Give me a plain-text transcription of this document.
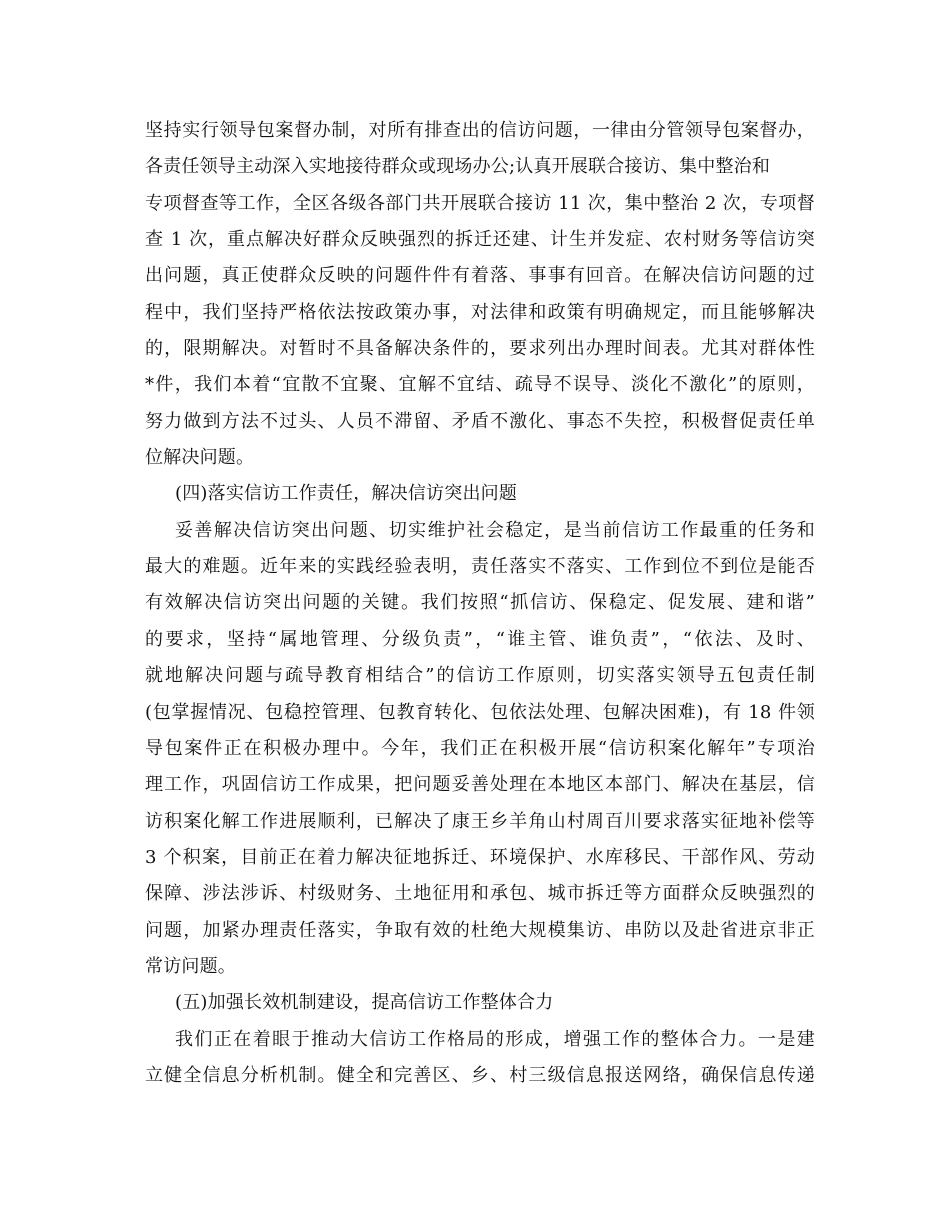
坚持实行领导包案督办制，对所有排查出的信访问题，一律由分管领导包案督办，
各责任领导主动深入实地接待群众或现场办公;认真开展联合接访、集中整治和
专项督查等工作，全区各级各部门共开展联合接访 11 次，集中整治 2 次，专项督
查 1 次，重点解决好群众反映强烈的拆迁还建、计生并发症、农村财务等信访突
出问题，真正使群众反映的问题件件有着落、事事有回音。在解决信访问题的过
程中，我们坚持严格依法按政策办事，对法律和政策有明确规定，而且能够解决
的，限期解决。对暂时不具备解决条件的，要求列出办理时间表。尤其对群体性
*件，我们本着“宜散不宜聚、宜解不宜结、疏导不误导、淡化不激化”的原则，
努力做到方法不过头、人员不滞留、矛盾不激化、事态不失控，积极督促责任单
位解决问题。
(四)落实信访工作责任，解决信访突出问题
妥善解决信访突出问题、切实维护社会稳定，是当前信访工作最重的任务和
最大的难题。近年来的实践经验表明，责任落实不落实、工作到位不到位是能否
有效解决信访突出问题的关键。我们按照“抓信访、保稳定、促发展、建和谐”
的要求，坚持“属地管理、分级负责”，“谁主管、谁负责”，“依法、及时、
就地解决问题与疏导教育相结合”的信访工作原则，切实落实领导五包责任制
(包掌握情况、包稳控管理、包教育转化、包依法处理、包解决困难)，有 18 件领
导包案件正在积极办理中。今年，我们正在积极开展“信访积案化解年”专项治
理工作，巩固信访工作成果，把问题妥善处理在本地区本部门、解决在基层，信
访积案化解工作进展顺利，已解决了康王乡羊角山村周百川要求落实征地补偿等
3 个积案，目前正在着力解决征地拆迁、环境保护、水库移民、干部作风、劳动
保障、涉法涉诉、村级财务、土地征用和承包、城市拆迁等方面群众反映强烈的
问题，加紧办理责任落实，争取有效的杜绝大规模集访、串防以及赴省进京非正
常访问题。
(五)加强长效机制建设，提高信访工作整体合力
我们正在着眼于推动大信访工作格局的形成，增强工作的整体合力。一是建
立健全信息分析机制。健全和完善区、乡、村三级信息报送网络，确保信息传递
